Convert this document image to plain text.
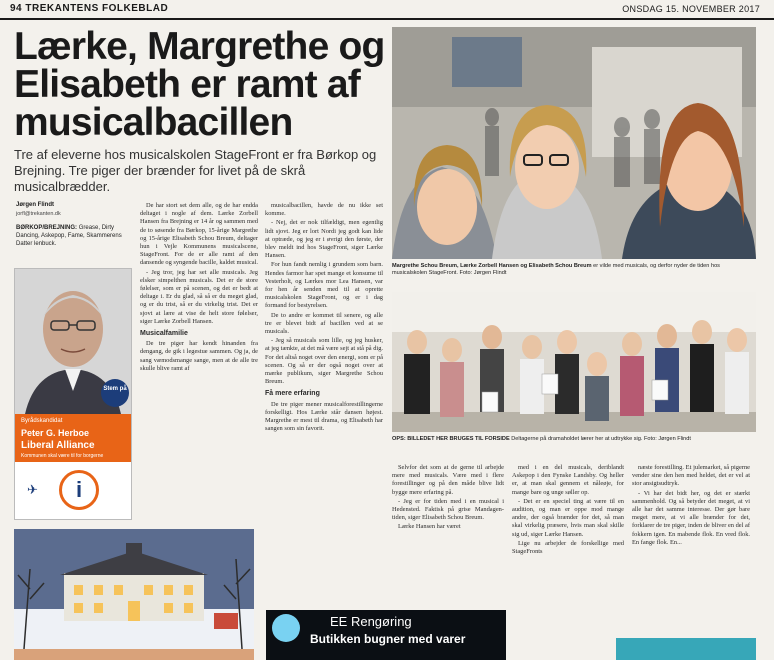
94 TREKANTENS FOLKEBLAD	ONSDAG 15. NOVEMBER 2017
Lærke, Margrethe og Elisabeth er ramt af musicalbacillen

Tre af eleverne hos musicalskolen StageFront er fra Børkop og Brejning. Tre piger der brænder for livet på de skrå musicalbrædder.

Jørgen Flindt
jorfl@trekanten.dk
BØRKOP/BREJNING: Grease, Dirty Dancing, Askepop, Fame, Skammerens Datter lenbuck.
Stem på
Byrådskandidat
Peter G. Herboe
Liberal Alliance
Kommunen skal være til for borgerne
✈	i

De har stort set dem alle, og de har endda deltaget i nogle af dem. Lærke Zorbell Hansen fra Brejning er 14 år og sammen med de to søsende fra Børkop, 15-årige Margrethe og 15-årige Elisabeth Schou Breum, deltager hun i Vejle Kommunens musicalscene, StageFront. For de er alle ramt af den dansende og syngende bacille, kaldet musical.

- Jeg tror, jeg har set alle musicals. Jeg elsker simpelthen musicals. Det er de store følelser, som er på scenen, og det er bedt at deltage i. Er du glad, så så er du meget glad, og er du trist, så er du virkelig trist. Det er sjovt at lære at vise de helt store følelser, siger Lærke Zorbell Hansen.

Musicalfamilie

De tre piger har kendt hinanden fra dengang, de gik i legestue sammen. Og ja, de sang væmodsmange sange, men at de alle tre skulle blive ramt af

musicalbacillen, havde de nu ikke set komme.

- Nej, det er nok tilfældigt, men egentlig lidt sjovt. Jeg er lort Nordi jeg godt kan lide at optræde, og jeg er i øvrigt den første, der blev meldt ind hos StageFront, siger Lærke Hansen.

For hun fandt nemlig i grundem som barn. Hendes farmor har spet mange et konsume til Vesterholt, og Lærkes mor Lea Hansen, var for hen år senden med til at oprette musicalskolen StageFront, og er i dag formand for bestyrelsen.

De to andre er kommet til senere, og alle tre er blevet bidt af bacillen ved at se musicals.

- Jeg så musicals som lille, og jeg husker, at jeg tænkte, at det må være sejt at stå på dig. For det altså noget over den energi, som er på scenen. Og så er der også noget over at mærke publikum, siger Margrethe Schou Breum.

Få mere erfaring

De tre piger mener musicalforestillingerne forskelligt. Hos Lærke står dansen højest. Margrethe er mest til drama, og Elisabeth har sangen som sin favorit.

Selvfor det som at de gerne til arbejde mere med musicals. Være med i flere forestillinger og på den måde blive lidt bygge mere erfaring på.

- Jeg er for tiden med i en musical i Hedensted. Faktisk på grise Mandagen-tiden, siger Elisabeth Schou Breum.

Lærke Hansen har været

med i en del musicals, deriblandt Askepop i den Fynske Landsby. Og heller er, at man skal gennem et nåleøje, for mange bare og unge søller op.

- Det er en speciel ting at være til en audition, og man er oppe mod mange andre, der også brænder for det, så man skal virkelig præsere, hvis man skal skille sig ud, siger Lærke Hansen.

Lige nu arbejder de forskellige med StageFronts

næste forestilling. Et julemarket, så pigerne vender sine den hen med heldet, det er vel at stor ansigtsudtryk.

- Vi har det bidt her, og det er stærkt sammenhold. Og så betyder det meget, at vi alle har det samme interesse. Der gør bare meget mere, at vi alle brænder for det, forklarer de tre piger, inden de bliver en del af fokkern igen. En mabende flok. En vred flok. En fange flok. En...

Margrethe Schou Breum, Lærke Zorbell Hansen og Elisabeth Schou Breum er vilde med musicals, og derfor nyder de tiden hos musicalskolen StageFront. Foto: Jørgen Flindt
OPS: BILLEDET HER BRUGES TIL FORSIDE Deltagerne på dramaholdet lærer her at udtrykke sig. Foto: Jørgen Flindt
EE Rengøring
Butikken bugner med varer
